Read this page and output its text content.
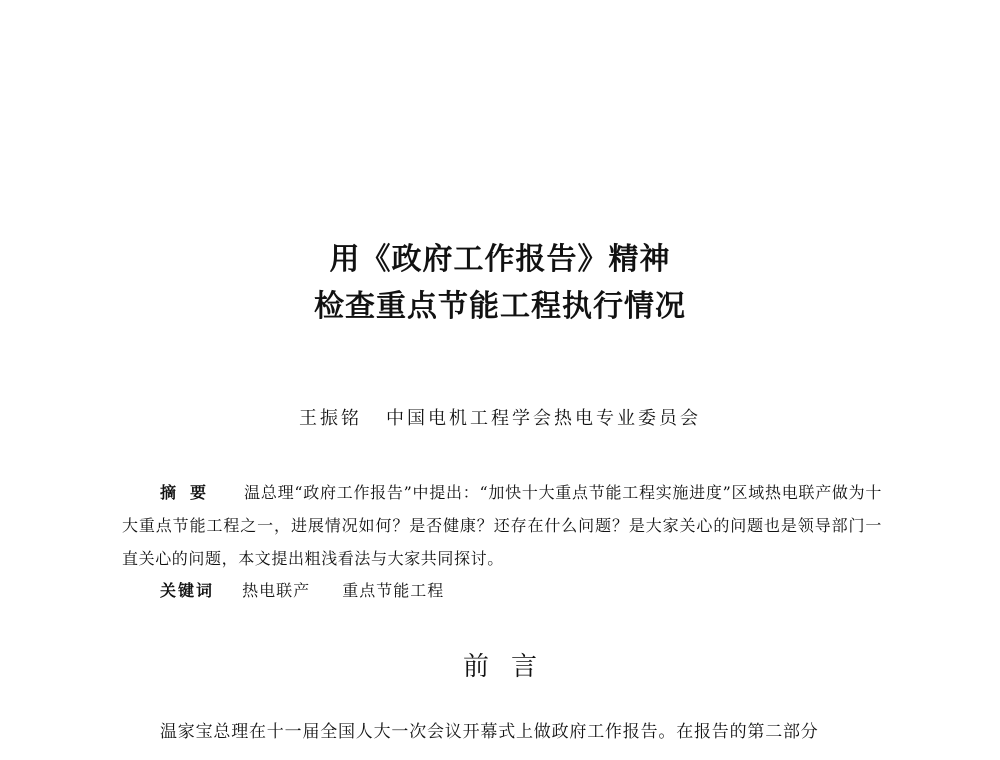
用《政府工作报告》精神
检查重点节能工程执行情况
王振铭 中国电机工程学会热电专业委员会
摘要 温总理“政府工作报告”中提出：“加快十大重点节能工程实施进度”区域热电联产做为十大重点节能工程之一，进展情况如何？是否健康？还存在什么问题？是大家关心的问题也是领导部门一直关心的问题，本文提出粗浅看法与大家共同探讨。
关键词 热电联产 重点节能工程
前言
温家宝总理在十一届全国人大一次会议开幕式上做政府工作报告。在报告的第二部分
